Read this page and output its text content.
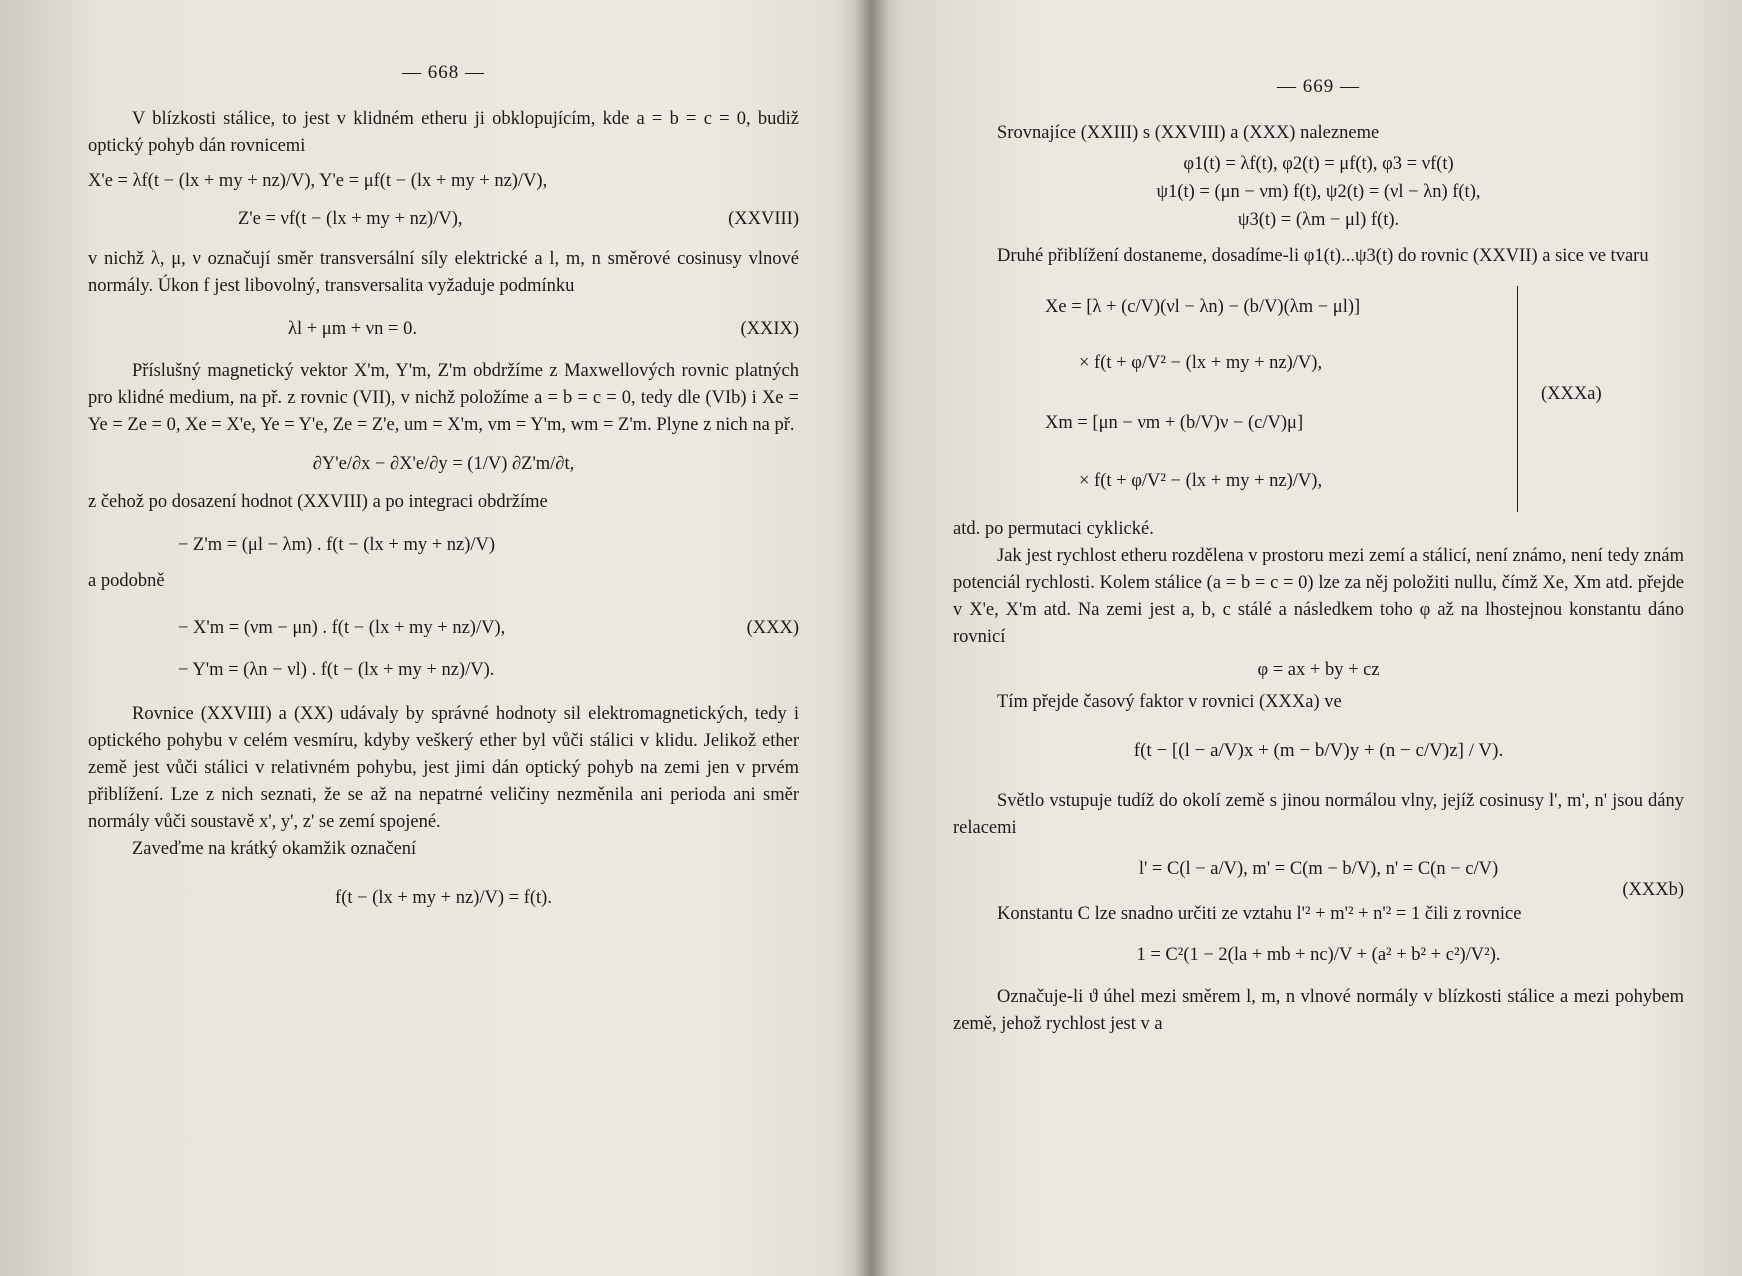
— 668 —

V blízkosti stálice, to jest v klidném etheru ji obklopujícím, kde a = b = c = 0, budiž optický pohyb dán rovnicemi

X'e = λf(t − (lx + my + nz)/V), Y'e = μf(t − (lx + my + nz)/V),
Z'e = νf(t − (lx + my + nz)/V),	(XXVIII)

v nichž λ, μ, ν označují směr transversální síly elektrické a l, m, n směrové cosinusy vlnové normály. Úkon f jest libovolný, transversalita vyžaduje podmínku

λl + μm + νn = 0.	(XXIX)

Příslušný magnetický vektor X'm, Y'm, Z'm obdržíme z Maxwellových rovnic platných pro klidné medium, na př. z rovnic (VII), v nichž položíme a = b = c = 0, tedy dle (VIb) i Xe = Ye = Ze = 0, Xe = X'e, Ye = Y'e, Ze = Z'e, um = X'm, vm = Y'm, wm = Z'm. Plyne z nich na př.

∂Y'e/∂x − ∂X'e/∂y = (1/V) ∂Z'm/∂t,

z čehož po dosazení hodnot (XXVIII) a po integraci obdržíme

− Z'm = (μl − λm) . f(t − (lx + my + nz)/V)

a podobně

− X'm = (νm − μn) . f(t − (lx + my + nz)/V),	(XXX)
− Y'm = (λn − νl) . f(t − (lx + my + nz)/V).

Rovnice (XXVIII) a (XX) udávaly by správné hodnoty sil elektromagnetických, tedy i optického pohybu v celém vesmíru, kdyby veškerý ether byl vůči stálici v klidu. Jelikož ether země jest vůči stálici v relativném pohybu, jest jimi dán optický pohyb na zemi jen v prvém přiblížení. Lze z nich seznati, že se až na nepatrné veličiny nezměnila ani perioda ani směr normály vůči soustavě x', y', z' se zemí spojené.

Zaveďme na krátký okamžik označení

f(t − (lx + my + nz)/V) = f(t).
— 669 —

Srovnajíce (XXIII) s (XXVIII) a (XXX) nalezneme

φ1(t) = λf(t), φ2(t) = μf(t), φ3 = νf(t)
ψ1(t) = (μn − νm) f(t), ψ2(t) = (νl − λn) f(t),
ψ3(t) = (λm − μl) f(t).

Druhé přiblížení dostaneme, dosadíme-li φ1(t)...ψ3(t) do rovnic (XXVII) a sice ve tvaru

Xe = [λ + (c/V)(νl − λn) − (b/V)(λm − μl)]
× f(t + φ/V² − (lx + my + nz)/V),
Xm = [μn − νm + (b/V)ν − (c/V)μ]
× f(t + φ/V² − (lx + my + nz)/V),
(XXXa)

atd. po permutaci cyklické.

Jak jest rychlost etheru rozdělena v prostoru mezi zemí a stálicí, není známo, není tedy znám potenciál rychlosti. Kolem stálice (a = b = c = 0) lze za něj položiti nullu, čímž Xe, Xm atd. přejde v X'e, X'm atd. Na zemi jest a, b, c stálé a následkem toho φ až na lhostejnou konstantu dáno rovnicí

φ = ax + by + cz

Tím přejde časový faktor v rovnici (XXXa) ve

f(t − [(l − a/V)x + (m − b/V)y + (n − c/V)z] / V).

Světlo vstupuje tudíž do okolí země s jinou normálou vlny, jejíž cosinusy l', m', n' jsou dány relacemi

l' = C(l − a/V), m' = C(m − b/V), n' = C(n − c/V)
(XXXb)

Konstantu C lze snadno určiti ze vztahu l'² + m'² + n'² = 1 čili z rovnice

1 = C²(1 − 2(la + mb + nc)/V + (a² + b² + c²)/V²).

Označuje-li ϑ úhel mezi směrem l, m, n vlnové normály v blízkosti stálice a mezi pohybem země, jehož rychlost jest v a
